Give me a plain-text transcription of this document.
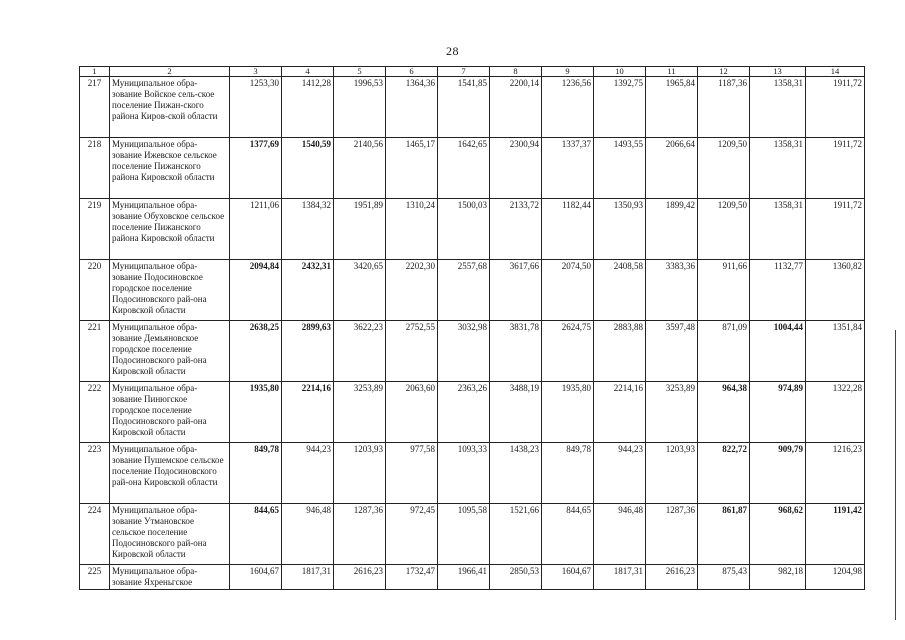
28
1	2	3	4	5	6	7	8	9	10	11	12	13	14
217	Муниципальное обра-зование Войское сель-ское поселение Пижан-ского района Киров-ской области	1253,30	1412,28	1996,53	1364,36	1541,85	2200,14	1236,56	1392,75	1965,84	1187,36	1358,31	1911,72
218	Муниципальное обра-зование Ижевское сельское поселение Пижанского района Кировской области	1377,69	1540,59	2140,56	1465,17	1642,65	2300,94	1337,37	1493,55	2066,64	1209,50	1358,31	1911,72
219	Муниципальное обра-зование Обуховское сельское поселение Пижанского района Кировской области	1211,06	1384,32	1951,89	1310,24	1500,03	2133,72	1182,44	1350,93	1899,42	1209,50	1358,31	1911,72
220	Муниципальное обра-зование Подосиновское городское поселение Подосиновского рай-она Кировской области	2094,84	2432,31	3420,65	2202,30	2557,68	3617,66	2074,50	2408,58	3383,36	911,66	1132,77	1360,82
221	Муниципальное обра-зование Демьяновское городское поселение Подосиновского рай-она Кировской области	2638,25	2899,63	3622,23	2752,55	3032,98	3831,78	2624,75	2883,88	3597,48	871,09	1004,44	1351,84
222	Муниципальное обра-зование Пинюгское городское поселение Подосиновского рай-она Кировской области	1935,80	2214,16	3253,89	2063,60	2363,26	3488,19	1935,80	2214,16	3253,89	964,38	974,89	1322,28
223	Муниципальное обра-зование Пушемское сельское поселение Подосиновского рай-она Кировской области	849,78	944,23	1203,93	977,58	1093,33	1438,23	849,78	944,23	1203,93	822,72	909,79	1216,23
224	Муниципальное обра-зование Утмановское сельское поселение Подосиновского рай-она Кировской области	844,65	946,48	1287,36	972,45	1095,58	1521,66	844,65	946,48	1287,36	861,87	968,62	1191,42
225	Муниципальное обра-зование Яхреньгское	1604,67	1817,31	2616,23	1732,47	1966,41	2850,53	1604,67	1817,31	2616,23	875,43	982,18	1204,98
